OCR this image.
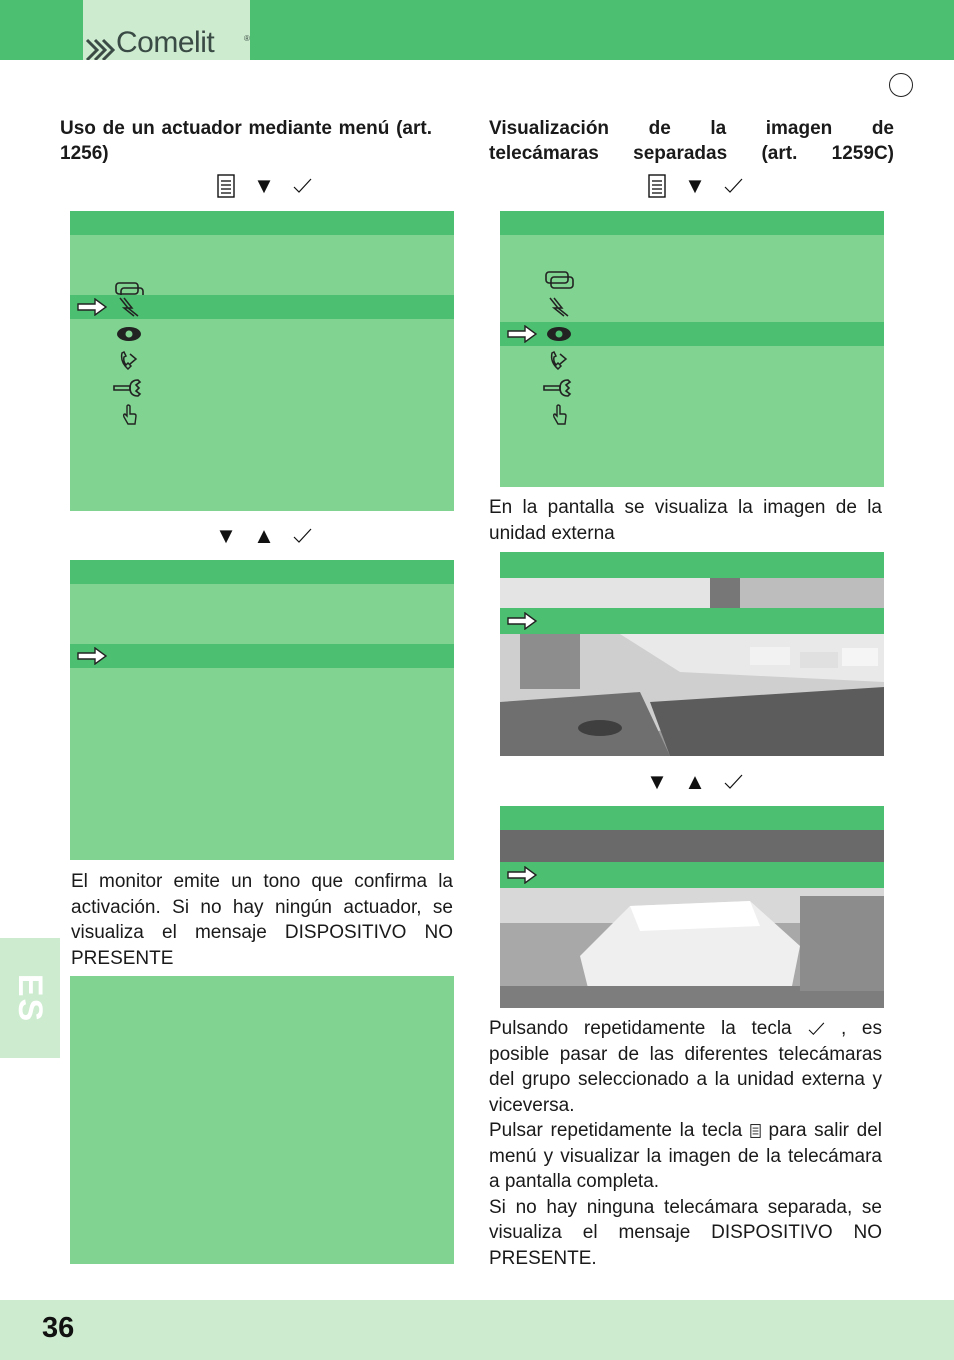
Comelit	®
Uso de un actuador mediante menú (art. 1256)
▼
▼ ▲
El monitor emite un tono que confirma la activación. Si no hay ningún actuador, se visualiza el mensaje DISPOSITIVO NO PRESENTE
Visualización de la imagen de
telecámaras separadas (art. 1259C)
▼
En la pantalla se visualiza la imagen de la unidad externa
▼ ▲
Pulsando repetidamente la tecla	, es posible pasar de las diferentes telecámaras del grupo seleccionado a la unidad externa y viceversa.
Pulsar repetidamente la tecla para salir del menú y visualizar la imagen de la telecámara a pantalla completa.
Si no hay ninguna telecámara separada, se visualiza el mensaje DISPOSITIVO NO PRESENTE.
ES
36
